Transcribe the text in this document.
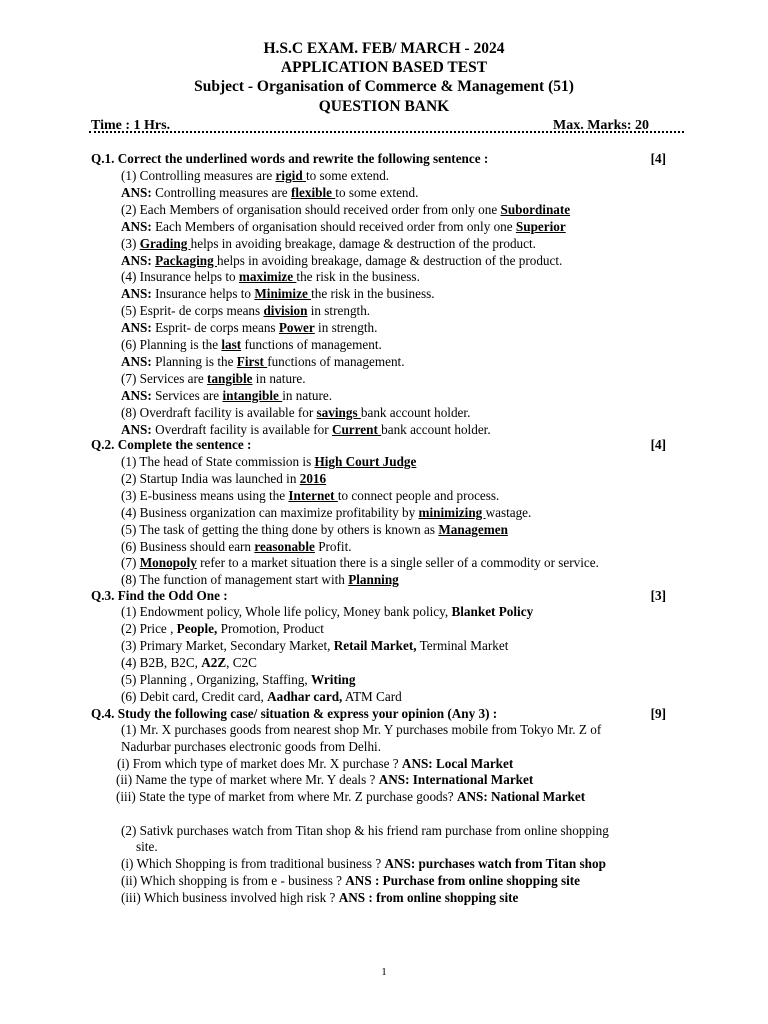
H.S.C EXAM. FEB/ MARCH - 2024
APPLICATION BASED TEST
Subject - Organisation of Commerce & Management (51)
QUESTION BANK
Time : 1 Hrs.	Max. Marks: 20
Q.1. Correct the underlined words and rewrite the following sentence :	[4]
(1) Controlling measures are rigid to some extend.
ANS: Controlling measures are flexible to some extend.
(2) Each Members of organisation should received order from only one Subordinate
ANS: Each Members of organisation should received order from only one Superior
(3) Grading helps in avoiding breakage, damage & destruction of the product.
ANS: Packaging helps in avoiding breakage, damage & destruction of the product.
(4) Insurance helps to maximize the risk in the business.
ANS: Insurance helps to Minimize the risk in the business.
(5) Esprit- de corps means division in strength.
ANS: Esprit- de corps means Power in strength.
(6) Planning is the last functions of management.
ANS: Planning is the First functions of management.
(7) Services are tangible in nature.
ANS: Services are intangible in nature.
(8) Overdraft facility is available for savings bank account holder.
ANS: Overdraft facility is available for Current bank account holder.
Q.2. Complete the sentence :	[4]
(1) The head of State commission is High Court Judge
(2) Startup India was launched in 2016
(3) E-business means using the Internet to connect people and process.
(4) Business organization can maximize profitability by minimizing wastage.
(5) The task of getting the thing done by others is known as Managemen
(6) Business should earn reasonable Profit.
(7) Monopoly refer to a market situation there is a single seller of a commodity or service.
(8) The function of management start with Planning
Q.3. Find the Odd One :	[3]
(1) Endowment policy, Whole life policy, Money bank policy, Blanket Policy
(2) Price , People, Promotion, Product
(3) Primary Market, Secondary Market, Retail Market, Terminal Market
(4) B2B, B2C, A2Z, C2C
(5) Planning , Organizing, Staffing, Writing
(6) Debit card, Credit card, Aadhar card, ATM Card
Q.4. Study the following case/ situation & express your opinion (Any 3) :	[9]
(1) Mr. X purchases goods from nearest shop Mr. Y purchases mobile from Tokyo Mr. Z of
Nadurbar purchases electronic goods from Delhi.
(i) From which type of market does Mr. X purchase ? ANS: Local Market
(ii) Name the type of market where Mr. Y deals ? ANS: International Market
(iii) State the type of market from where Mr. Z purchase goods? ANS: National Market
(2) Sativk purchases watch from Titan shop & his friend ram purchase from online shopping
site.
(i) Which Shopping is from traditional business ? ANS: purchases watch from Titan shop
(ii) Which shopping is from e - business ? ANS : Purchase from online shopping site
(iii) Which business involved high risk ? ANS : from online shopping site
1
